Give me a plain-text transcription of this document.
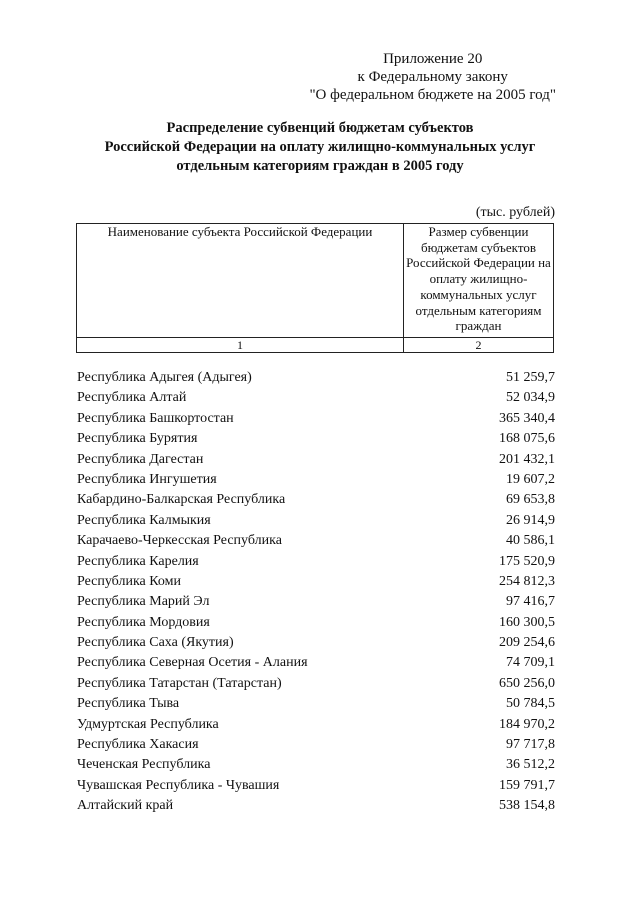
Приложение 20
к Федеральному закону
"О федеральном бюджете на 2005 год"
Распределение субвенций бюджетам субъектов
Российской Федерации на оплату жилищно-коммунальных услуг
отдельным категориям граждан в 2005 году
(тыс. рублей)
Наименование субъекта Российской Федерации	Размер субвенции бюджетам субъектов Российской Федерации на оплату жилищно-коммунальных услуг отдельным категориям граждан

1	2
Республика Адыгея (Адыгея)	51 259,7
Республика Алтай	52 034,9
Республика Башкортостан	365 340,4
Республика Бурятия	168 075,6
Республика Дагестан	201 432,1
Республика Ингушетия	19 607,2
Кабардино-Балкарская Республика	69 653,8
Республика Калмыкия	26 914,9
Карачаево-Черкесская Республика	40 586,1
Республика Карелия	175 520,9
Республика Коми	254 812,3
Республика Марий Эл	97 416,7
Республика Мордовия	160 300,5
Республика Саха (Якутия)	209 254,6
Республика Северная Осетия - Алания	74 709,1
Республика Татарстан (Татарстан)	650 256,0
Республика Тыва	50 784,5
Удмуртская Республика	184 970,2
Республика Хакасия	97 717,8
Чеченская Республика	36 512,2
Чувашская Республика - Чувашия	159 791,7
Алтайский край	538 154,8
